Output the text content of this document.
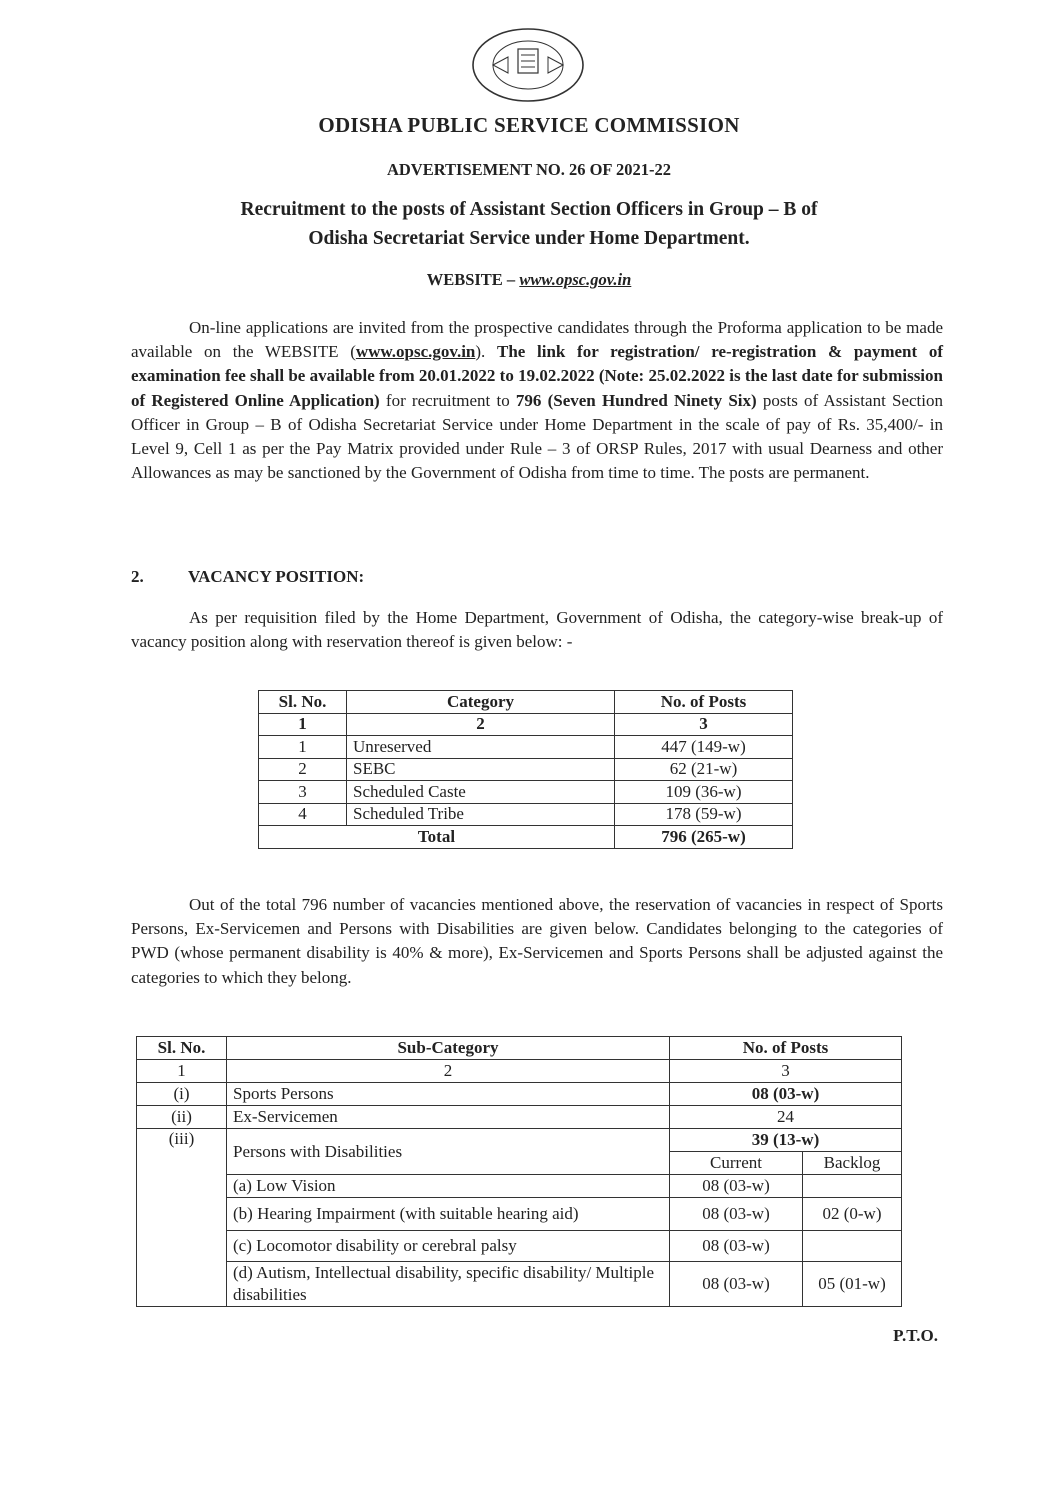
ODISHA PUBLIC SERVICE COMMISSION
ADVERTISEMENT NO. 26 OF 2021-22
Recruitment to the posts of Assistant Section Officers in Group – B of
Odisha Secretariat Service under Home Department.
WEBSITE – www.opsc.gov.in

On-line applications are invited from the prospective candidates through the Proforma application to be made available on the WEBSITE (www.opsc.gov.in). The link for registration/ re-registration & payment of examination fee shall be available from 20.01.2022 to 19.02.2022 (Note: 25.02.2022 is the last date for submission of Registered Online Application) for recruitment to 796 (Seven Hundred Ninety Six) posts of Assistant Section Officer in Group – B of Odisha Secretariat Service under Home Department in the scale of pay of Rs. 35,400/- in Level 9, Cell 1 as per the Pay Matrix provided under Rule – 3 of ORSP Rules, 2017 with usual Dearness and other Allowances as may be sanctioned by the Government of Odisha from time to time. The posts are permanent.

2.	VACANCY POSITION:

As per requisition filed by the Home Department, Government of Odisha, the category-wise break-up of vacancy position along with reservation thereof is given below: -

Sl. No.	Category	No. of Posts
1	2	3
1	Unreserved	447 (149-w)
2	SEBC	62 (21-w)
3	Scheduled Caste	109 (36-w)
4	Scheduled Tribe	178 (59-w)
Total		796 (265-w)

Out of the total 796 number of vacancies mentioned above, the reservation of vacancies in respect of Sports Persons, Ex-Servicemen and Persons with Disabilities are given below. Candidates belonging to the categories of PWD (whose permanent disability is 40% & more), Ex-Servicemen and Sports Persons shall be adjusted against the categories to which they belong.

Sl. No.	Sub-Category	No. of Posts	
1	2	3	
(i)	Sports Persons	08 (03-w)	
(ii)	Ex-Servicemen	24	
(iii)	Persons with Disabilities	39 (13-w)	
		Current	Backlog
	(a) Low Vision	08 (03-w)	
	(b) Hearing Impairment (with suitable hearing aid)	08 (03-w)	02 (0-w)
	(c) Locomotor disability or cerebral palsy	08 (03-w)	
	(d) Autism, Intellectual disability, specific disability/ Multiple disabilities	08 (03-w)	05 (01-w)
P.T.O.
